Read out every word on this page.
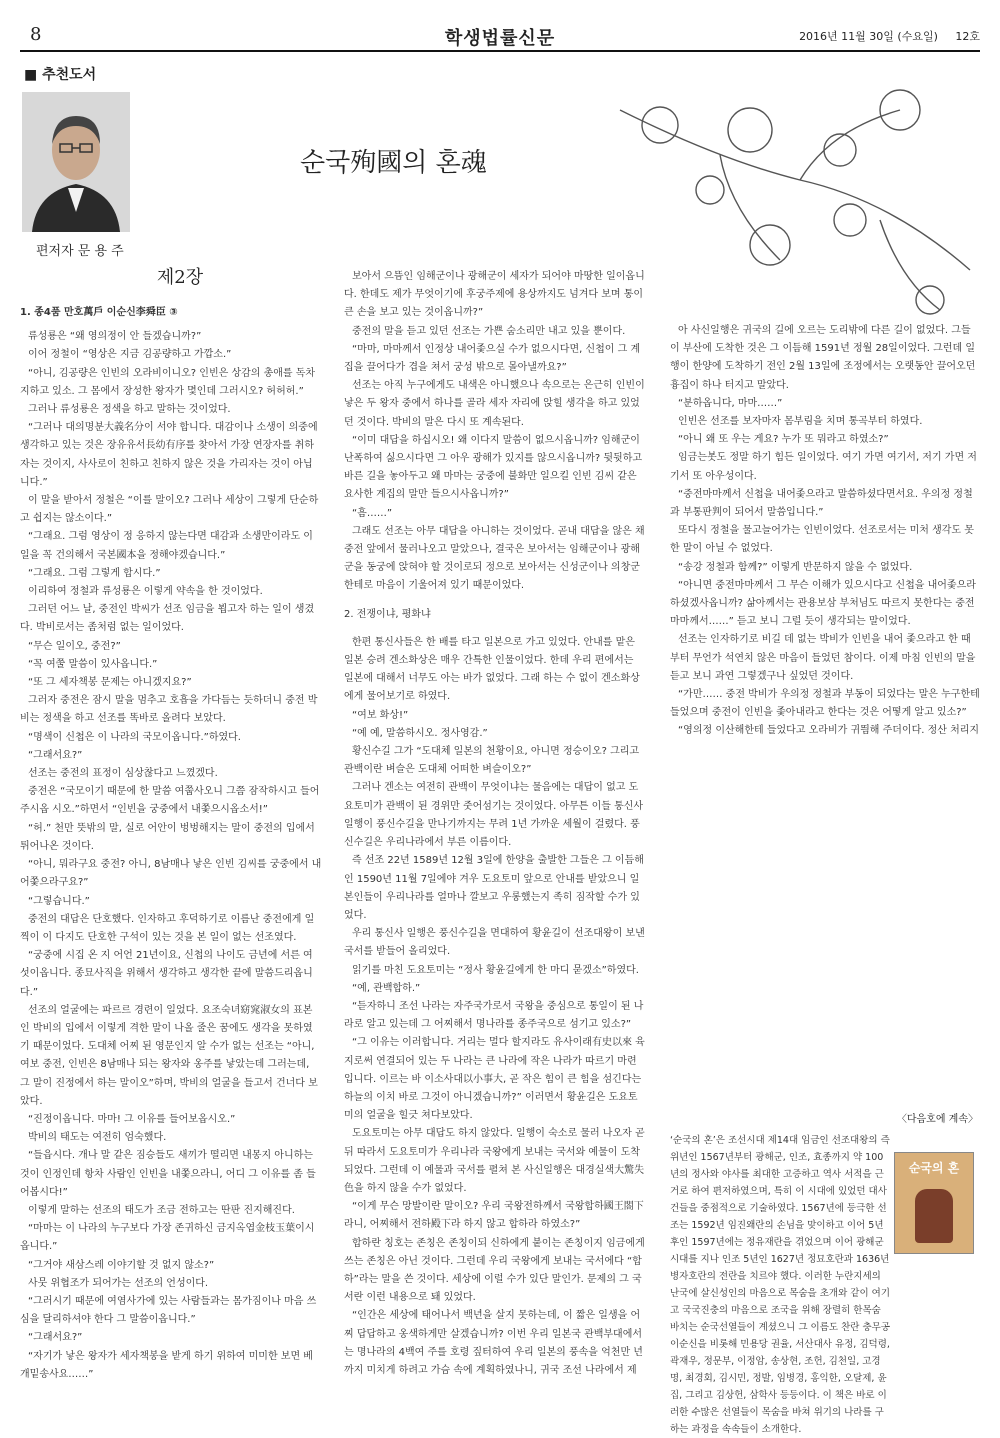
8	학생법률신문	2016년 11월 30일 (수요일) 12호
■ 추천도서
편저자 문 용 주
순국殉國의 혼魂
제2장

1. 종4품 만호萬戶 이순신李舜臣 ③

류성룡은 “왜 영의정이 안 들겠습니까?”

이어 정철이 “영상은 지금 김공량하고 가깝소.”

“아니, 김공량은 인빈의 오라비이니오? 인빈은 상감의 총애를 독차지하고 있소. 그 몸에서 장성한 왕자가 몇인데 그러시오? 허허허.”

그러나 류성룡은 정색을 하고 말하는 것이었다.

“그러나 대의명분大義名分이 서야 합니다. 대감이나 소생이 의중에 생각하고 있는 것은 장유유서長幼有序를 찾아서 가장 연장자를 취하자는 것이지, 사사로이 친하고 친하지 않은 것을 가리자는 것이 아닙니다.”

이 말을 받아서 정철은 “이를 말이오? 그러나 세상이 그렇게 단순하고 쉽지는 않소이다.”

“그래요. 그럼 영상이 정 응하지 않는다면 대감과 소생만이라도 이 일을 꼭 건의해서 국본國本을 정해야겠습니다.”

“그래요. 그럼 그렇게 합시다.”

이리하여 정철과 류성룡은 이렇게 약속을 한 것이었다.

그러던 어느 날, 중전인 박씨가 선조 임금을 뵙고자 하는 일이 생겼다. 박비로서는 좀처럼 없는 일이었다.

“무슨 일이오, 중전?”

“꼭 여쭐 말씀이 있사옵니다.”

“또 그 세자책봉 문제는 아니겠지요?”

그러자 중전은 잠시 말을 멈추고 호흡을 가다듬는 듯하더니 중전 박비는 정색을 하고 선조를 똑바로 올려다 보았다.

“명색이 신첩은 이 나라의 국모이옵니다.”하였다.

“그래서요?”

선조는 중전의 표정이 심상찮다고 느꼈겠다.

중전은 “국모이기 때문에 한 말씀 여쭙사오니 그쯤 잠작하시고 들어주시옵 시오.”하면서 “인빈을 궁중에서 내쫓으시옵소서!”

“허.” 천만 뜻밖의 말, 실로 어안이 벙벙해지는 말이 중전의 입에서 튀어나온 것이다.

“아니, 뭐라구요 중전? 아니, 8남매나 낳은 인빈 김씨를 궁중에서 내어쫓으라구요?”

“그렇습니다.”

중전의 대답은 단호했다. 인자하고 후덕하기로 이름난 중전에게 일찍이 이 다지도 단호한 구석이 있는 것을 본 일이 없는 선조였다.

“궁중에 시집 온 지 어언 21년이요, 신첩의 나이도 금년에 서른 여섯이옵니다. 종묘사직을 위해서 생각하고 생각한 끝에 말씀드리옵니다.”

선조의 얼굴에는 파르르 경련이 일었다. 요조숙녀窈窕淑女의 표본인 박비의 입에서 이렇게 격한 말이 나올 줄은 꿈에도 생각을 못하였기 때문이었다. 도대체 어찌 된 영문인지 알 수가 없는 선조는 “아니, 여보 중전, 인빈은 8남매나 되는 왕자와 옹주를 낳았는데 그러는데, 그 말이 진정에서 하는 말이오”하며, 박비의 얼굴을 들고서 건너다 보았다.

“진정이옵니다. 마마! 그 이유를 들어보옵시오.”

박비의 태도는 여전히 엄숙했다.

“들읍시다. 개나 말 같은 짐승들도 새끼가 떨리면 내몽지 아니하는 것이 인정인데 항차 사람인 인빈을 내쫓으라니, 어디 그 이유를 좀 들어봅시다!”

이렇게 말하는 선조의 태도가 조금 전하고는 딴판 진지해진다.

“마마는 이 나라의 누구보다 가장 존귀하신 금지옥엽金枝玉葉이시옵니다.”

“그거야 새삼스레 이야기할 것 없지 않소?”

사뭇 위협조가 되어가는 선조의 언성이다.

“그러시기 때문에 여염사가에 있는 사람들과는 몸가짐이나 마음 쓰심을 달리하셔야 한다 그 말씀이옵니다.”

“그래서요?”

“자기가 낳은 왕자가 세자책봉을 받게 하기 위하여 미미한 보면 베개밑송사요……”

보아서 으뜸인 임해군이나 광해군이 세자가 되어야 마땅한 일이옵니다. 한데도 제가 무엇이기에 후궁주제에 용상까지도 넘겨다 보며 통이 큰 손을 보고 있는 것이옵니까?”

중전의 말을 듣고 있던 선조는 가쁜 숨소리만 내고 있을 뿐이다.

“마마, 마마께서 인정상 내어좇으실 수가 없으시다면, 신첩이 그 계집을 끌어다가 겹을 쳐서 궁성 밖으로 몰아낼까요?”

선조는 아직 누구에게도 내색은 아니했으나 속으로는 은근히 인빈이 낳은 두 왕자 중에서 하나를 골라 세자 자리에 앉힐 생각을 하고 있었던 것이다. 박비의 말은 다시 또 계속된다.

“이미 대답을 하십시오! 왜 이다지 말씀이 없으시옵니까? 임해군이 난폭하여 싫으시다면 그 아우 광해가 있지를 않으시옵니까? 뒷뒷하고 바른 길을 놓아두고 왜 마마는 궁중에 불화만 일으킬 인빈 김씨 같은 요사한 계집의 말만 들으시사옵니까?”

“흠……”

그래도 선조는 아무 대답을 아니하는 것이었다. 곧내 대답을 않은 채 중전 앞에서 물러나오고 말았으나, 결국은 보아서는 임해군이나 광해군을 동궁에 앉혀야 할 것이로되 정으로 보아서는 신성군이나 의창군한테로 마음이 기울어져 있기 때문이었다.

2. 전쟁이냐, 평화냐

한편 통신사들은 한 배를 타고 일본으로 가고 있었다. 안내를 맡은 일본 승려 겐소화상은 매우 간특한 인물이었다. 한데 우리 편에서는 일본에 대해서 너무도 아는 바가 없었다. 그래 하는 수 없이 겐소화상에게 물어보기로 하였다.

“여보 화상!”

“예 예, 말씀하시오. 정사영감.”

황신수길 그가 “도대체 일본의 천황이요, 아니면 정승이오? 그리고 관백이란 벼슬은 도대체 어떠한 벼슬이오?”

그러나 겐소는 여전히 관백이 무엇이냐는 물음에는 대답이 없고 도요토미가 관백이 된 경위만 줏어섬기는 것이었다. 아무튼 이들 통신사 일행이 풍신수길을 만나기까지는 무려 1년 가까운 세월이 걸렸다. 풍신수길은 우리나라에서 부른 이름이다.

즉 선조 22년 1589년 12월 3일에 한양을 출발한 그들은 그 이듬해인 1590년 11월 7일에야 겨우 도요토미 앞으로 안내를 받았으니 일본인들이 우리나라를 얼마나 깔보고 우롱했는지 족히 짐작할 수가 있었다.

우리 통신사 일행은 풍신수길을 면대하여 황윤길이 선조대왕이 보낸 국서를 받들어 올리었다.

읽기를 마친 도요토미는 “정사 황윤길에게 한 마디 묻겠소”하였다.

“예, 관백합하.”

“듣자하니 조선 나라는 자주국가로서 국왕을 중심으로 통일이 된 나라로 알고 있는데 그 어찌해서 명나라를 종주국으로 섬기고 있소?”

“그 이유는 이러합니다. 거리는 멀다 할지라도 유사이래有史以來 육지로써 연결되어 있는 두 나라는 큰 나라에 작은 나라가 따르기 마련입니다. 이르는 바 이소사대以小事大, 곧 작은 힘이 큰 힘을 섬긴다는 하늘의 이치 바로 그것이 아니겠습니까?” 이러면서 황윤길은 도요토미의 얼굴을 힐긋 쳐다보았다.

도요토미는 아무 대답도 하지 않았다. 일행이 숙소로 물러 나오자 곧 뒤 따라서 도요토미가 우리나라 국왕에게 보내는 국서와 예물이 도착되었다. 그런데 이 예물과 국서를 펼쳐 본 사신일행은 대경실색大驚失色을 하지 않을 수가 없었다.

“이게 무슨 망발이란 말이오? 우리 국왕전하께서 국왕합하國王閤下라니, 어찌해서 전하殿下라 하지 않고 합하라 하였소?”

합하란 칭호는 존칭은 존칭이되 신하에게 붙이는 존칭이지 임금에게 쓰는 존칭은 아닌 것이다. 그런데 우리 국왕에게 보내는 국서에다 “합하”라는 말을 쓴 것이다. 세상에 이럴 수가 있단 말인가. 문제의 그 국서란 이런 내용으로 돼 있었다.

“인간은 세상에 태어나서 백년을 살지 못하는데, 이 짧은 일생을 어찌 답답하고 옹색하게만 살겠습니까? 이번 우리 일본국 관백부대에서는 명나라의 4백여 주를 호령 짚터하여 우리 일본의 풍속을 억천만 년까지 미치게 하려고 가슴 속에 계획하였나니, 귀국 조선 나라에서 제

아 사신일행은 귀국의 길에 오르는 도리밖에 다른 길이 없었다. 그들이 부산에 도착한 것은 그 이듬해 1591년 정월 28일이었다. 그런데 일행이 한양에 도착하기 전인 2월 13일에 조정에서는 오랫동안 끌어오던 흉집이 하나 터지고 말았다.

“분하옵니다, 마마……”

인빈은 선조를 보자마자 몸부림을 치며 통곡부터 하였다.

“아니 왜 또 우는 게요? 누가 또 뭐라고 하였소?”

임금는봇도 정말 하기 힘든 일이었다. 여기 가면 여기서, 저기 가면 저기서 또 아우성이다.

“중전마마께서 신첩을 내어좇으라고 말씀하셨다면서요. 우의정 정철과 부통판判이 되어서 말씀입니다.”

또다시 정철을 물고늘어가는 인빈이었다. 선조로서는 미처 생각도 못한 말이 아닐 수 없었다.

“송강 정철과 함께?” 이렇게 반문하지 않을 수 없었다.

“아니면 중전마마께서 그 무슨 이해가 있으시다고 신첩을 내어좇으라 하셨겠사옵니까? 삶아께서는 관용보삼 부처님도 따르지 못한다는 중전마마께서……” 듣고 보니 그럴 듯이 생각되는 말이었다.

선조는 인자하기로 비길 데 없는 박비가 인빈을 내어 좇으라고 한 때부터 무언가 석연치 않은 마음이 들었던 참이다. 이제 마침 인빈의 말을 듣고 보니 과연 그렇겠구나 싶었던 것이다.

“가만…… 중전 박비가 우의정 정철과 부동이 되었다는 말은 누구한테 들었으며 중전이 인빈을 좇아내라고 한다는 것은 어떻게 알고 있소?”

“영의정 이산해한테 들었다고 오라비가 귀띔해 주더이다. 정산 처리지

〈다음호에 계속〉
‘순국의 혼’은 조선시대 제14대 임금인 선조대왕의 즉위년인 1567년부터 광해군, 인조, 효종까지 약 100년의 정사와 야사를 최대한 고증하고 역사 서적을 근거로 하여 편저하였으며, 특히 이 시대에 있었던 대사건들을 중점적으로 기술하였다. 1567년에 등극한 선조는 1592년 임진왜란의 손님을 맞이하고 이어 5년 후인 1597년에는 정유재란을 겪었으며 이어 광해군 시대를 지나 인조 5년인 1627년 정묘호란과 1636년 병자호란의 전란을 치르야 했다. 이러한 누란지세의 난국에 살신성인의 마음으로 목숨을 초개와 같이 여기고 국국진충의 마음으로 조국을 위해 장렬히 한목숨 바치는 순국선열들이 계셨으니 그 이름도 찬란 충무공 이순신을 비롯해 민용당 권율, 서산대사 유정, 김덕령, 곽재우, 정문부, 이정암, 송상현, 조헌, 김천일, 고경명, 최경회, 김시민, 정발, 임병경, 홍익한, 오달제, 윤집, 그리고 김상헌, 삼학사 등등이다. 이 책은 바로 이러한 수많은 선열들이 목숨을 바쳐 위기의 나라를 구하는 과정을 속속들이 소개한다.
순국의 혼
